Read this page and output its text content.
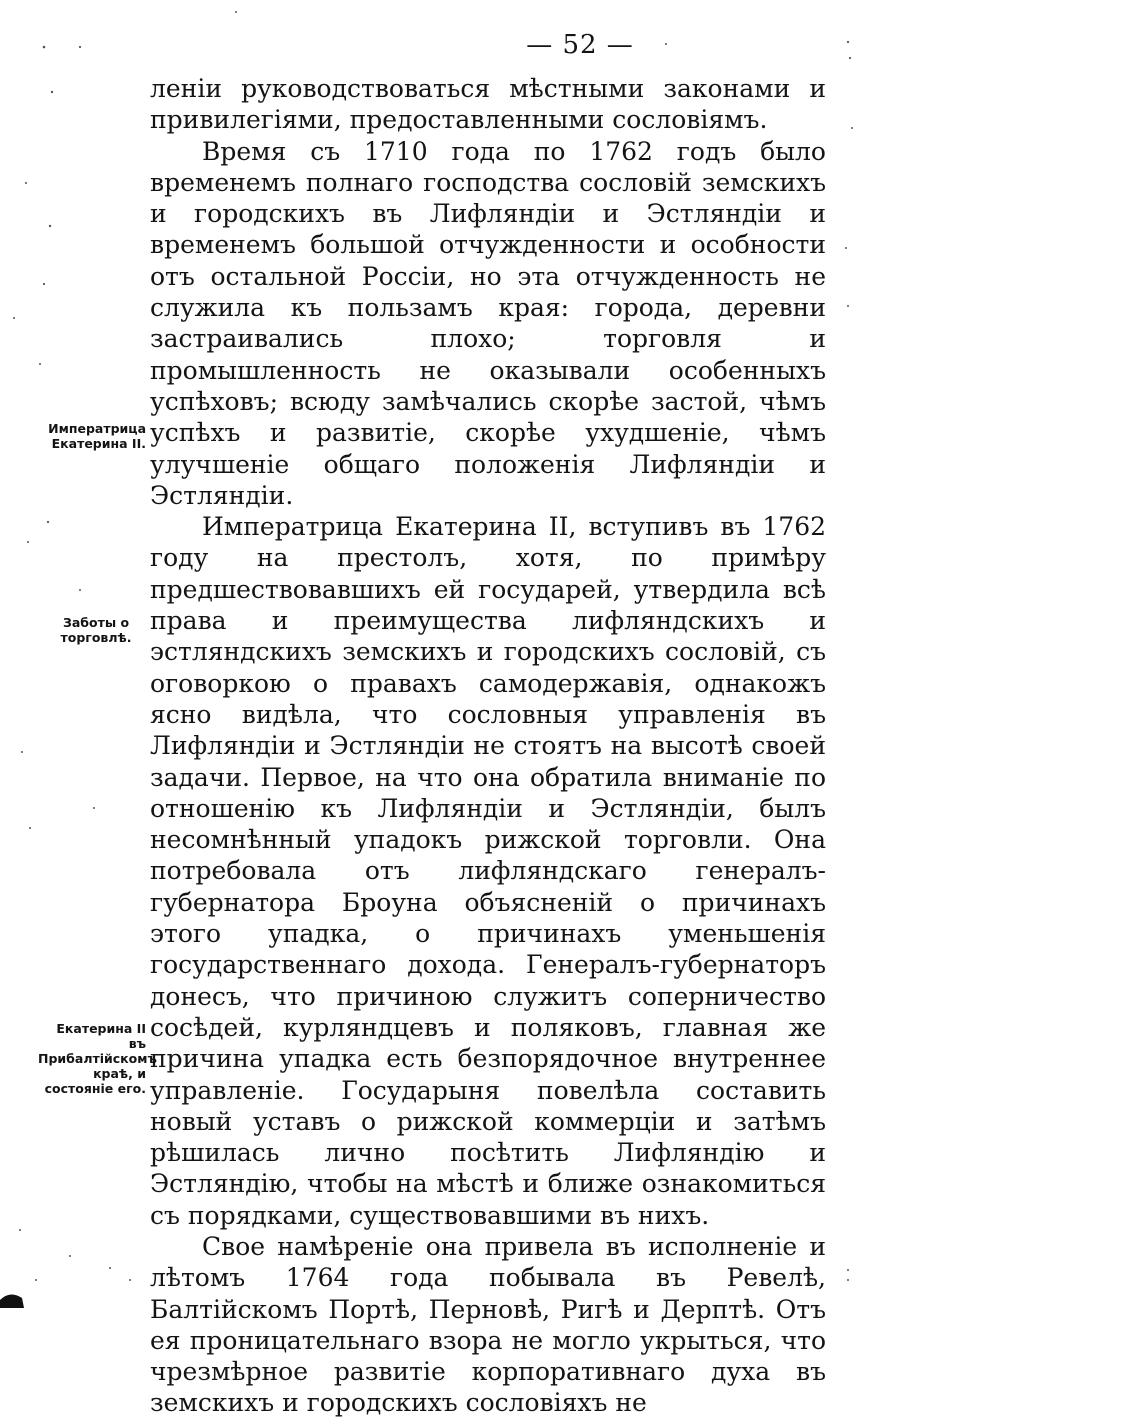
— 52 —
Императрица Екатерина II.
Заботы о торговлѣ.
Екатерина II въ Прибалтійскомъ краѣ, и состояніе его.

леніи руководствоваться мѣстными законами и привилегіями, предоставленными сословіямъ.

Время съ 1710 года по 1762 годъ было временемъ полнаго господства сословій земскихъ и городскихъ въ Лифляндіи и Эстляндіи и временемъ большой отчужденности и особности отъ остальной Россіи, но эта отчужденность не служила къ пользамъ края: города, деревни застраивались плохо; торговля и промышленность не оказывали особенныхъ успѣховъ; всюду замѣчались скорѣе застой, чѣмъ успѣхъ и развитіе, скорѣе ухудшеніе, чѣмъ улучшеніе общаго положенія Лифляндіи и Эстляндіи.

Императрица Екатерина II, вступивъ въ 1762 году на престолъ, хотя, по примѣру предшествовавшихъ ей государей, утвердила всѣ права и преимущества лифляндскихъ и эстляндскихъ земскихъ и городскихъ сословій, съ оговоркою о правахъ самодержавія, однакожъ ясно видѣла, что сословныя управленія въ Лифляндіи и Эстляндіи не стоятъ на высотѣ своей задачи. Первое, на что она обратила вниманіе по отношенію къ Лифляндіи и Эстляндіи, былъ несомнѣнный упадокъ рижской торговли. Она потребовала отъ лифляндскаго генералъ-губернатора Броуна объясненій о причинахъ этого упадка, о причинахъ уменьшенія государственнаго дохода. Генералъ-губернаторъ донесъ, что причиною служитъ соперничество сосѣдей, курляндцевъ и поляковъ, главная же причина упадка есть безпорядочное внутреннее управленіе. Государыня повелѣла составить новый уставъ о рижской коммерціи и затѣмъ рѣшилась лично посѣтить Лифляндію и Эстляндію, чтобы на мѣстѣ и ближе ознакомиться съ порядками, существовавшими въ нихъ.

Свое намѣреніе она привела въ исполненіе и лѣтомъ 1764 года побывала въ Ревелѣ, Балтійскомъ Портѣ, Перновѣ, Ригѣ и Дерптѣ. Отъ ея проницательнаго взора не могло укрыться, что чрезмѣрное развитіе корпоративнаго духа въ земскихъ и городскихъ сословіяхъ не
